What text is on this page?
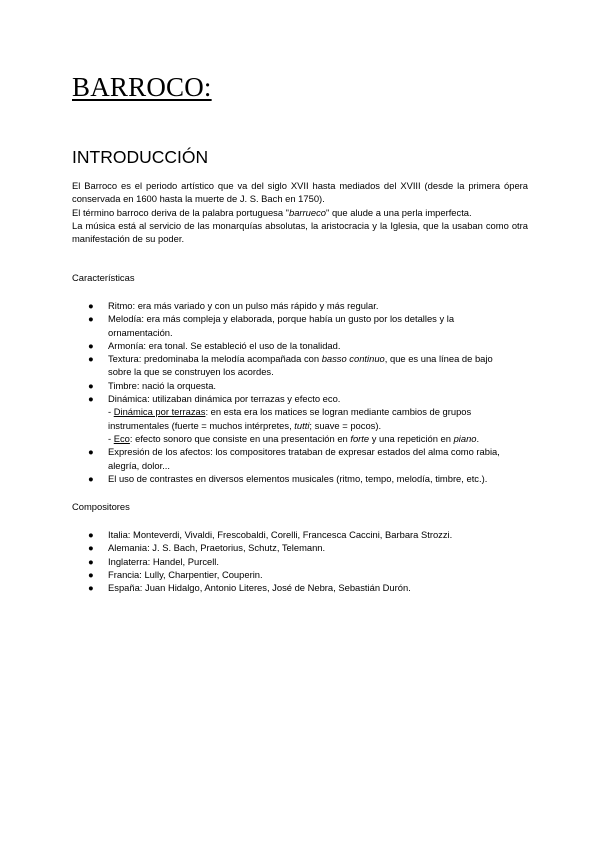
BARROCO:
INTRODUCCIÓN

El Barroco es el periodo artístico que va del siglo XVII hasta mediados del XVIII (desde la primera ópera conservada en 1600 hasta la muerte de J. S. Bach en 1750).

El término barroco deriva de la palabra portuguesa "barrueco" que alude a una perla imperfecta.

La música está al servicio de las monarquías absolutas, la aristocracia y la Iglesia, que la usaban como otra manifestación de su poder.

Características
● Ritmo: era más variado y con un pulso más rápido y más regular.
● Melodía: era más compleja y elaborada, porque había un gusto por los detalles y la ornamentación.
● Armonía: era tonal. Se estableció el uso de la tonalidad.
● Textura: predominaba la melodía acompañada con basso continuo, que es una línea de bajo sobre la que se construyen los acordes.
● Timbre: nació la orquesta.
● Dinámica: utilizaban dinámica por terrazas y efecto eco.
- Dinámica por terrazas: en esta era los matices se logran mediante cambios de grupos instrumentales (fuerte = muchos intérpretes, tutti; suave = pocos).
- Eco: efecto sonoro que consiste en una presentación en forte y una repetición en piano.
● Expresión de los afectos: los compositores trataban de expresar estados del alma como rabia, alegría, dolor...
● El uso de contrastes en diversos elementos musicales (ritmo, tempo, melodía, timbre, etc.).
Compositores
● Italia: Monteverdi, Vivaldi, Frescobaldi, Corelli, Francesca Caccini, Barbara Strozzi.
● Alemania: J. S. Bach, Praetorius, Schutz, Telemann.
● Inglaterra: Handel, Purcell.
● Francia: Lully, Charpentier, Couperin.
● España: Juan Hidalgo, Antonio Literes, José de Nebra, Sebastián Durón.
